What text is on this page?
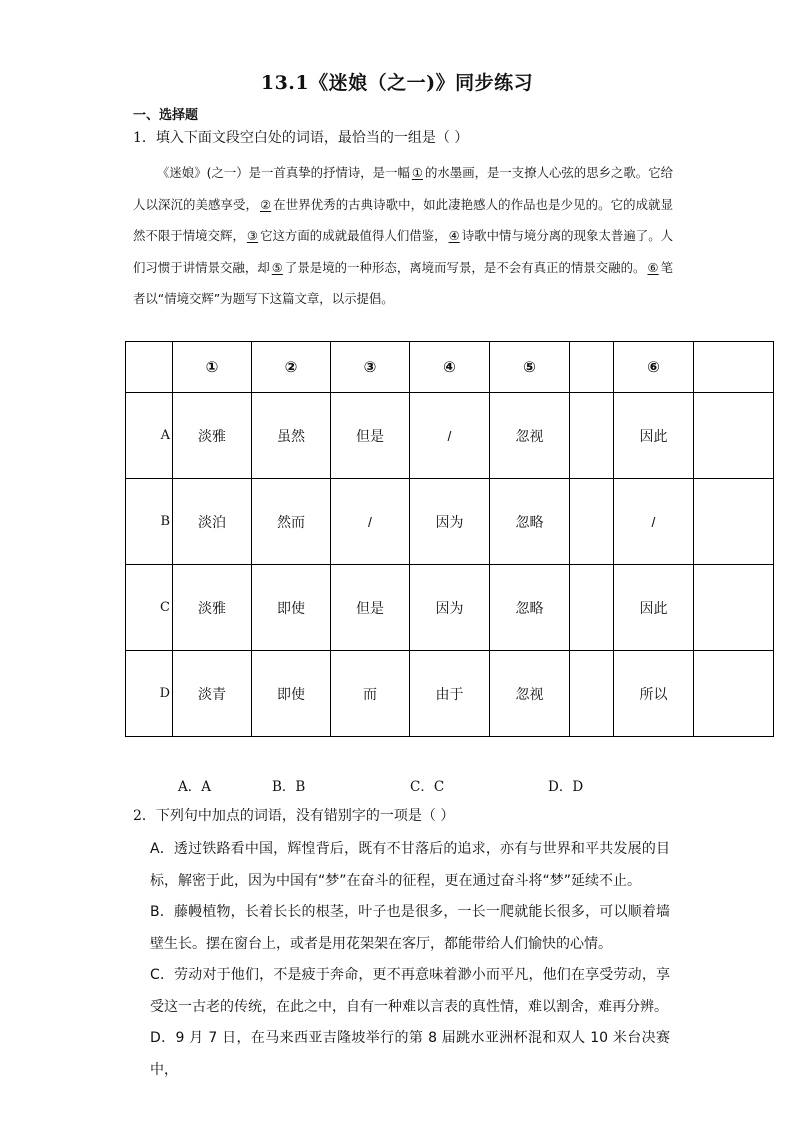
13.1《迷娘（之一)》同步练习
一、选择题
1．填入下面文段空白处的词语，最恰当的一组是（ ）
《迷娘》(之一）是一首真挚的抒情诗，是一幅 ① 的水墨画，是一支撩人心弦的思乡之歌。它给人以深沉的美感享受， ② 在世界优秀的古典诗歌中，如此凄艳感人的作品也是少见的。它的成就显然不限于情境交辉， ③ 它这方面的成就最值得人们借鉴， ④ 诗歌中情与境分离的现象太普遍了。人们习惯于讲情景交融，却 ⑤ 了景是境的一种形态，离境而写景，是不会有真正的情景交融的。 ⑥ 笔者以“情境交辉”为题写下这篇文章，以示提倡。
	①	②	③	④	⑤		⑥	
A	淡雅	虽然	但是	/	忽视		因此	
B	淡泊	然而	/	因为	忽略		/	
C	淡雅	即使	但是	因为	忽略		因此	
D	淡青	即使	而	由于	忽视		所以	
A．A	B．B	C．C	D．D
2．下列句中加点的词语，没有错别字的一项是（ ）
A．透过铁路看中国，辉惶背后，既有不甘落后的追求，亦有与世界和平共发展的目标，解密于此，因为中国有“梦”在奋斗的征程，更在通过奋斗将“梦”延续不止。
B．藤幔植物，长着长长的根茎，叶子也是很多，一长一爬就能长很多，可以顺着墙壁生长。摆在窗台上，或者是用花架架在客厅，都能带给人们愉快的心情。
C．劳动对于他们，不是疲于奔命，更不再意味着渺小而平凡，他们在享受劳动，享受这一古老的传统，在此之中，自有一种难以言表的真性情，难以割舍，难再分辨。
D．9 月 7 日，在马来西亚吉隆坡举行的第 8 届跳水亚洲杯混和双人 10 米台决赛中，
